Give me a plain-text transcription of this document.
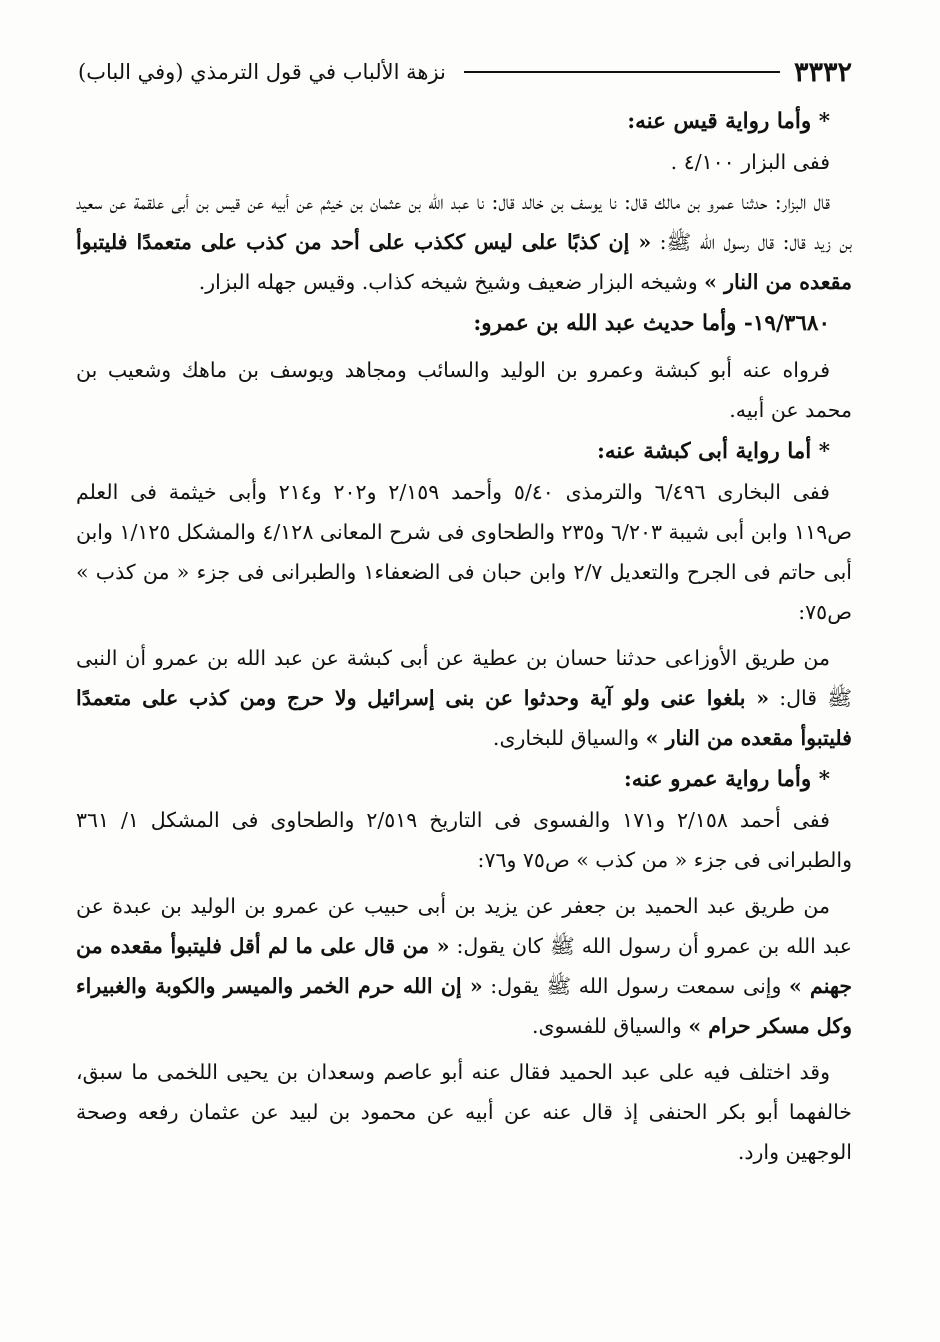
٣٣٣٢
نزهة الألباب في قول الترمذي (وفي الباب)

* وأما رواية قيس عنه:

ففى البزار ٤/١٠٠ .

قال البزار: حدثنا عمرو بن مالك قال: نا يوسف بن خالد قال: نا عبد الله بن عثمان بن خيثم عن أبيه عن قيس بن أبى علقمة عن سعيد بن زيد قال: قال رسول الله ﷺ: « إن كذبًا على ليس ككذب على أحد من كذب على متعمدًا فليتبوأ مقعده من النار » وشيخه البزار ضعيف وشيخ شيخه كذاب. وقيس جهله البزار.

١٩/٣٦٨٠- وأما حديث عبد الله بن عمرو:

فرواه عنه أبو كبشة وعمرو بن الوليد والسائب ومجاهد ويوسف بن ماهك وشعيب بن محمد عن أبيه.

* أما رواية أبى كبشة عنه:

ففى البخارى ٦/٤٩٦ والترمذى ٥/٤٠ وأحمد ٢/١٥٩ و٢٠٢ و٢١٤ وأبى خيثمة فى العلم ص١١٩ وابن أبى شيبة ٦/٢٠٣ و٢٣٥ والطحاوى فى شرح المعانى ٤/١٢٨ والمشكل ١/١٢٥ وابن أبى حاتم فى الجرح والتعديل ٢/٧ وابن حبان فى الضعفاء١ والطبرانى فى جزء « من كذب » ص٧٥:

من طريق الأوزاعى حدثنا حسان بن عطية عن أبى كبشة عن عبد الله بن عمرو أن النبى ﷺ قال: « بلغوا عنى ولو آية وحدثوا عن بنى إسرائيل ولا حرج ومن كذب على متعمدًا فليتبوأ مقعده من النار » والسياق للبخارى.

* وأما رواية عمرو عنه:

ففى أحمد ٢/١٥٨ و١٧١ والفسوى فى التاريخ ٢/٥١٩ والطحاوى فى المشكل ١/ ٣٦١ والطبرانى فى جزء « من كذب » ص٧٥ و٧٦:

من طريق عبد الحميد بن جعفر عن يزيد بن أبى حبيب عن عمرو بن الوليد بن عبدة عن عبد الله بن عمرو أن رسول الله ﷺ كان يقول: « من قال على ما لم أقل فليتبوأ مقعده من جهنم » وإنى سمعت رسول الله ﷺ يقول: « إن الله حرم الخمر والميسر والكوبة والغبيراء وكل مسكر حرام » والسياق للفسوى.

وقد اختلف فيه على عبد الحميد فقال عنه أبو عاصم وسعدان بن يحيى اللخمى ما سبق، خالفهما أبو بكر الحنفى إذ قال عنه عن أبيه عن محمود بن لبيد عن عثمان رفعه وصحة الوجهين وارد.
